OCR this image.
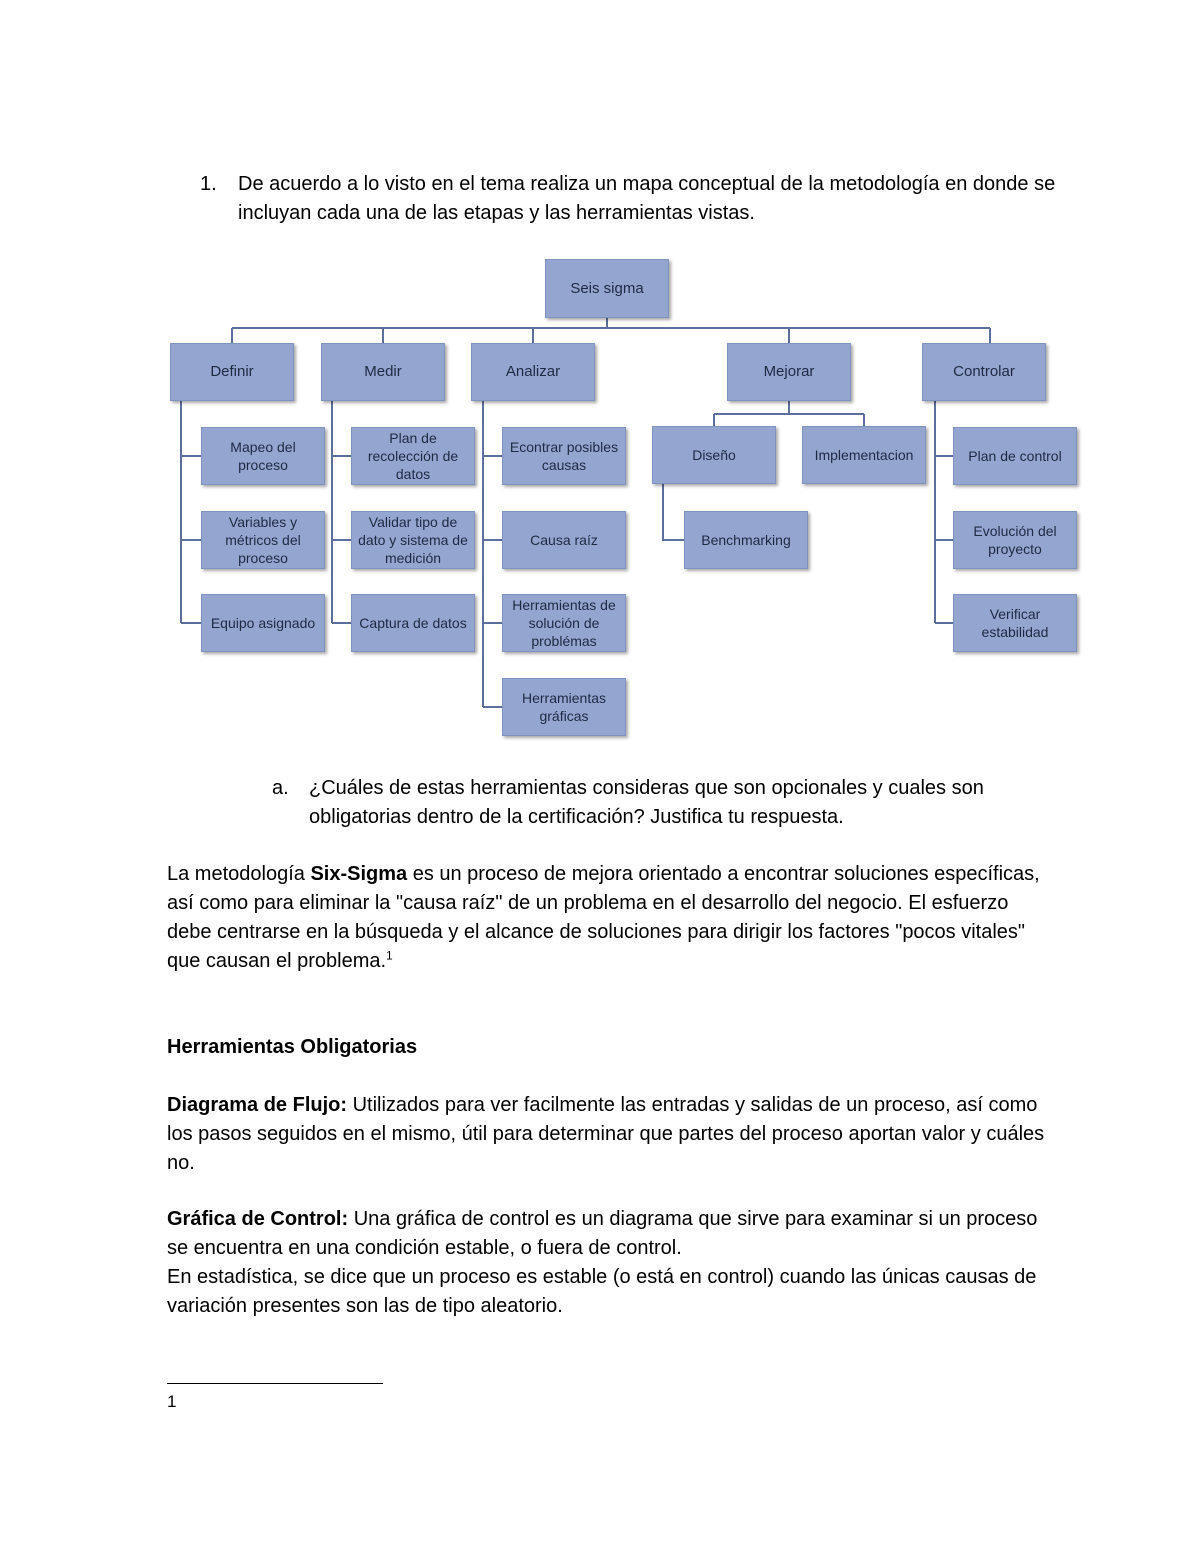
1. De acuerdo a lo visto en el tema realiza un mapa conceptual de la metodología en donde se incluyan cada una de las etapas y las herramientas vistas.
Seis sigma
Definir	Medir	Analizar	Mejorar	Controlar
Mapeo del proceso
Variables y métricos del proceso
Equipo asignado
Plan de recolección de datos
Validar tipo de dato y sistema de medición
Captura de datos
Econtrar posibles causas
Causa raíz
Herramientas de solución de problémas
Herramientas gráficas
Diseño	Implementacion
Benchmarking
Plan de control
Evolución del proyecto
Verificar estabilidad
a. ¿Cuáles de estas herramientas consideras que son opcionales y cuales son obligatorias dentro de la certificación? Justifica tu respuesta.

La metodología Six-Sigma es un proceso de mejora orientado a encontrar soluciones específicas, así como para eliminar la "causa raíz" de un problema en el desarrollo del negocio. El esfuerzo debe centrarse en la búsqueda y el alcance de soluciones para dirigir los factores "pocos vitales" que causan el problema.$^1$

Herramientas Obligatorias

Diagrama de Flujo: Utilizados para ver facilmente las entradas y salidas de un proceso, así como los pasos seguidos en el mismo, útil para determinar que partes del proceso aportan valor y cuáles no.

Gráfica de Control: Una gráfica de control es un diagrama que sirve para examinar si un proceso se encuentra en una condición estable, o fuera de control.
En estadística, se dice que un proceso es estable (o está en control) cuando las únicas causas de variación presentes son las de tipo aleatorio.

1
